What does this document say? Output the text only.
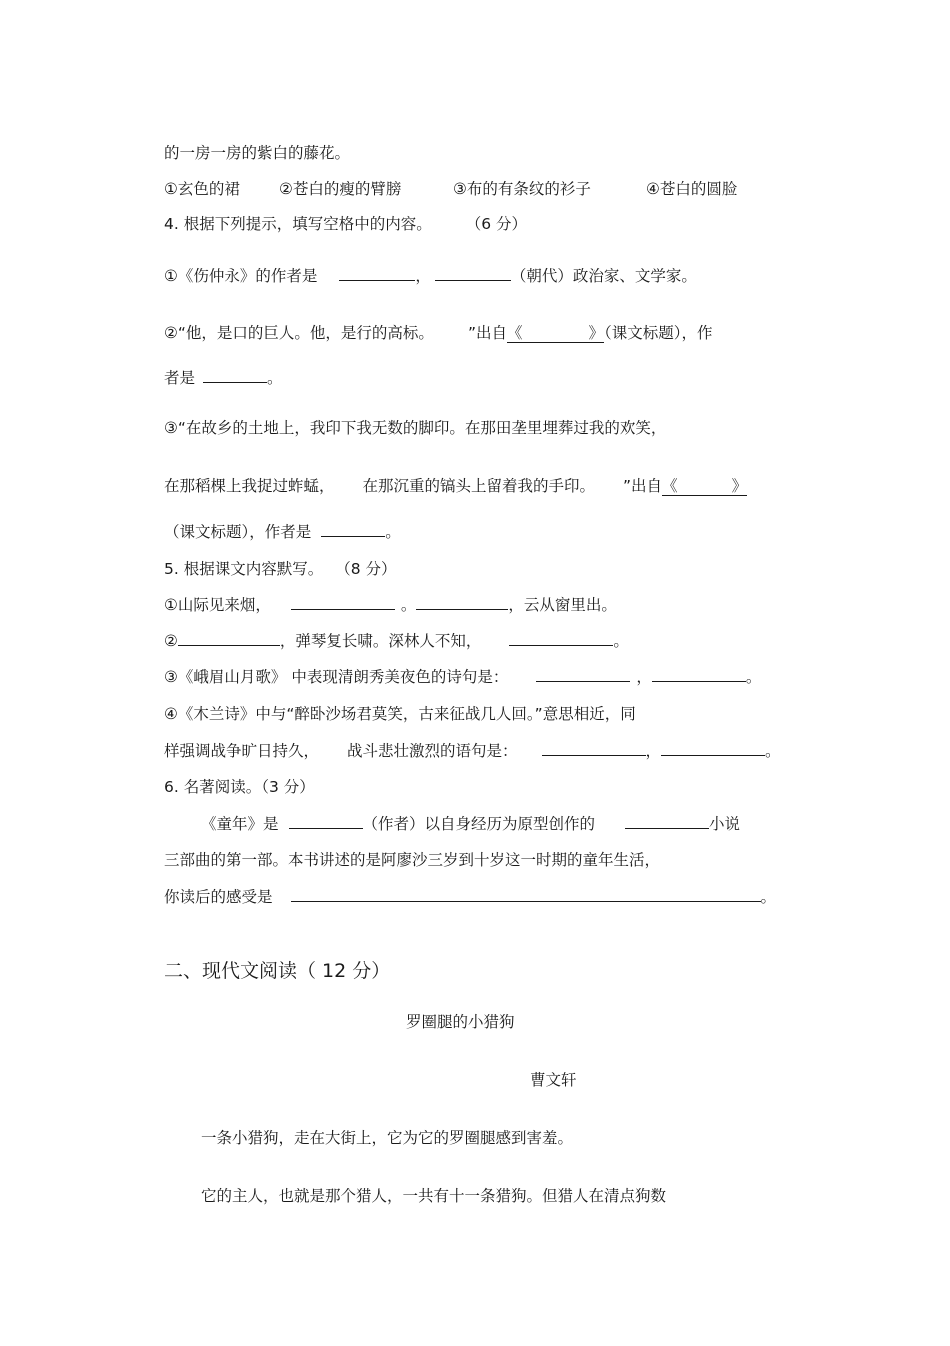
的一房一房的紫白的藤花。
①玄色的裙	②苍白的瘦的臂膀	③布的有条纹的衫子	④苍白的圆脸
4. 根据下列提示，填写空格中的内容。 （6 分）
①《伤仲永》的作者是	，	（朝代）政治家、文学家。
②“他，是口的巨人。他，是行的高标。 ”出自《	》（课文标题），作
者是	。
③“在故乡的土地上，我印下我无数的脚印。在那田垄里埋葬过我的欢笑，
在那稻棵上我捉过蚱蜢， 在那沉重的镐头上留着我的手印。 ”出自《	》
（课文标题），作者是	。
5. 根据课文内容默写。 （8 分）
①山际见来烟，	。	，云从窗里出。
②	，弹琴复长啸。深林人不知，	。
③《峨眉山月歌》 中表现清朗秀美夜色的诗句是：	，	。
④《木兰诗》中与“醉卧沙场君莫笑，古来征战几人回。”意思相近，同
样强调战争旷日持久， 战斗悲壮激烈的语句是：	，	。
6. 名著阅读。（3 分）
《童年》是	（作者）以自身经历为原型创作的	小说
三部曲的第一部。本书讲述的是阿廖沙三岁到十岁这一时期的童年生活，
你读后的感受是	。
二、现代文阅读（ 12 分）
罗圈腿的小猎狗
曹文轩
一条小猎狗，走在大街上，它为它的罗圈腿感到害羞。
它的主人，也就是那个猎人，一共有十一条猎狗。但猎人在清点狗数
